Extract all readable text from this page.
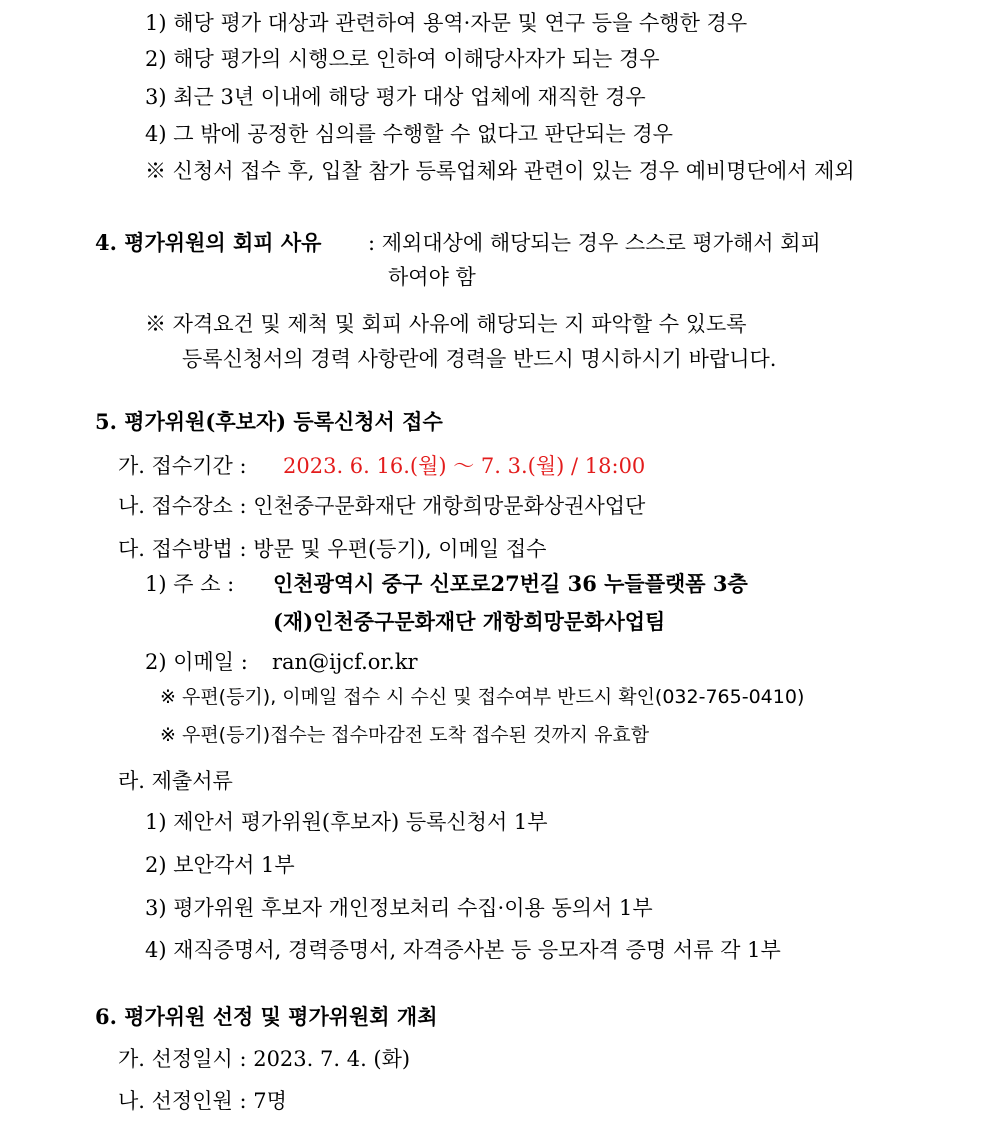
1) 해당 평가 대상과 관련하여 용역·자문 및 연구 등을 수행한 경우
2) 해당 평가의 시행으로 인하여 이해당사자가 되는 경우
3) 최근 3년 이내에 해당 평가 대상 업체에 재직한 경우
4) 그 밖에 공정한 심의를 수행할 수 없다고 판단되는 경우
※ 신청서 접수 후, 입찰 참가 등록업체와 관련이 있는 경우 예비명단에서 제외
4. 평가위원의 회피 사유 : 제외대상에 해당되는 경우 스스로 평가해서 회피
하여야 함
※ 자격요건 및 제척 및 회피 사유에 해당되는 지 파악할 수 있도록
등록신청서의 경력 사항란에 경력을 반드시 명시하시기 바랍니다.
5. 평가위원(후보자) 등록신청서 접수
가. 접수기간 : 2023. 6. 16.(월) ～ 7. 3.(월) / 18:00
나. 접수장소 : 인천중구문화재단 개항희망문화상권사업단
다. 접수방법 : 방문 및 우편(등기), 이메일 접수
1) 주 소 : 인천광역시 중구 신포로27번길 36 누들플랫폼 3층
(재)인천중구문화재단 개항희망문화사업팀
2) 이메일 : ran@ijcf.or.kr
※ 우편(등기), 이메일 접수 시 수신 및 접수여부 반드시 확인(032-765-0410)
※ 우편(등기)접수는 접수마감전 도착 접수된 것까지 유효함
라. 제출서류
1) 제안서 평가위원(후보자) 등록신청서 1부
2) 보안각서 1부
3) 평가위원 후보자 개인정보처리 수집·이용 동의서 1부
4) 재직증명서, 경력증명서, 자격증사본 등 응모자격 증명 서류 각 1부
6. 평가위원 선정 및 평가위원회 개최
가. 선정일시 : 2023. 7. 4. (화)
나. 선정인원 : 7명
